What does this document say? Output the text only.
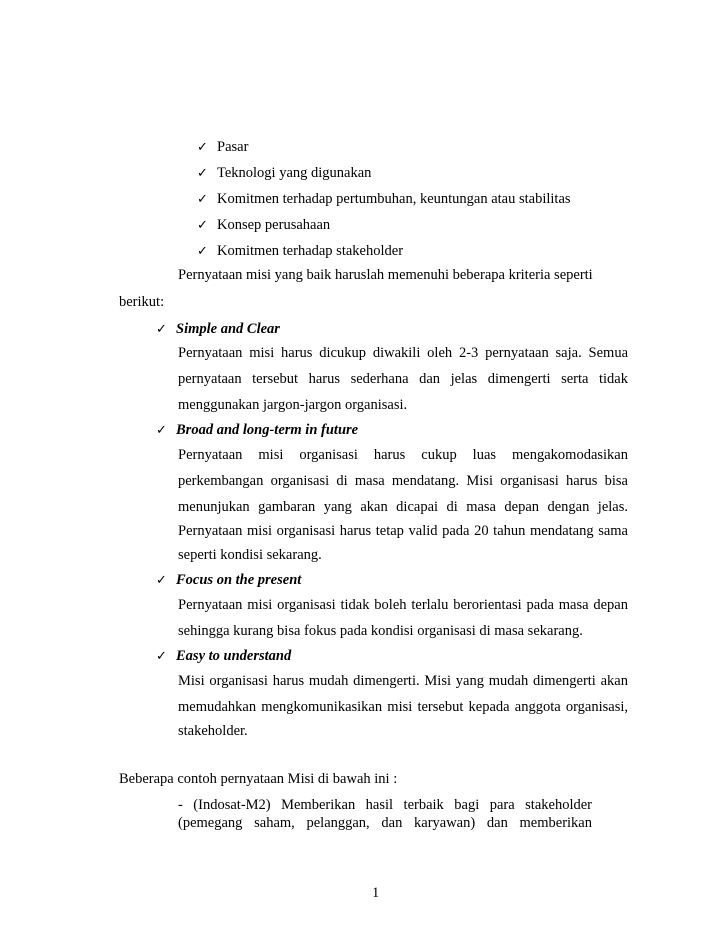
✓ Pasar
✓ Teknologi yang digunakan
✓ Komitmen terhadap pertumbuhan, keuntungan atau stabilitas
✓ Konsep perusahaan
✓ Komitmen terhadap stakeholder
Pernyataan misi yang baik haruslah memenuhi beberapa kriteria seperti
berikut:
✓ Simple and Clear
Pernyataan misi harus dicukup diwakili oleh 2-3 pernyataan saja. Semua
pernyataan tersebut harus sederhana dan jelas dimengerti serta tidak
menggunakan jargon-jargon organisasi.
✓ Broad and long-term in future
Pernyataan misi organisasi harus cukup luas mengakomodasikan
perkembangan organisasi di masa mendatang. Misi organisasi harus bisa
menunjukan gambaran yang akan dicapai di masa depan dengan jelas.
Pernyataan misi organisasi harus tetap valid pada 20 tahun mendatang sama
seperti kondisi sekarang.
✓ Focus on the present
Pernyataan misi organisasi tidak boleh terlalu berorientasi pada masa depan
sehingga kurang bisa fokus pada kondisi organisasi di masa sekarang.
✓ Easy to understand
Misi organisasi harus mudah dimengerti. Misi yang mudah dimengerti akan
memudahkan mengkomunikasikan misi tersebut kepada anggota organisasi,
stakeholder.
Beberapa contoh pernyataan Misi di bawah ini :
- (Indosat-M2) Memberikan hasil terbaik bagi para stakeholder
(pemegang saham, pelanggan, dan karyawan) dan memberikan
1
